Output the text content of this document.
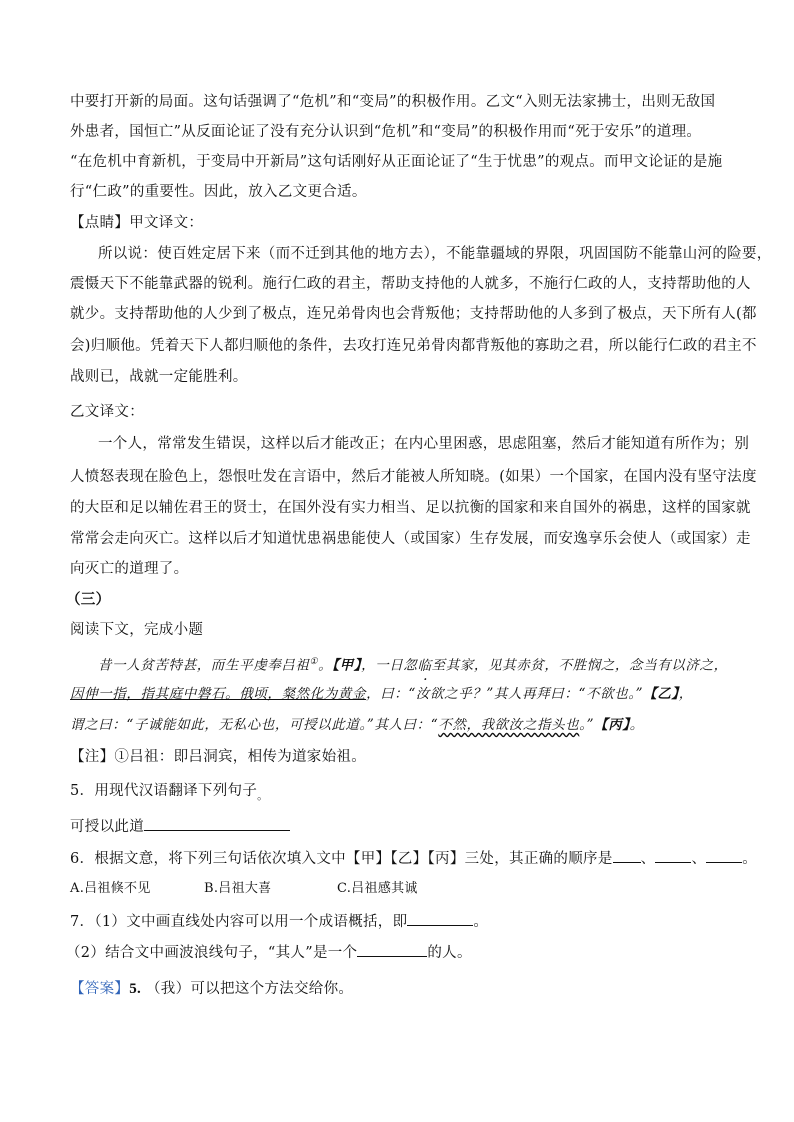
中要打开新的局面。这句话强调了“危机”和“变局”的积极作用。乙文“入则无法家拂士，出则无敌国
外患者，国恒亡”从反面论证了没有充分认识到“危机”和“变局”的积极作用而“死于安乐”的道理。
“在危机中育新机，于变局中开新局”这句话刚好从正面论证了“生于忧患”的观点。而甲文论证的是施
行“仁政”的重要性。因此，放入乙文更合适。
【点睛】甲文译文：
所以说：使百姓定居下来（而不迁到其他的地方去），不能靠疆域的界限，巩固国防不能靠山河的险要，
震慑天下不能靠武器的锐利。施行仁政的君主，帮助支持他的人就多，不施行仁政的人，支持帮助他的人
就少。支持帮助他的人少到了极点，连兄弟骨肉也会背叛他；支持帮助他的人多到了极点，天下所有人(都
会)归顺他。凭着天下人都归顺他的条件，去攻打连兄弟骨肉都背叛他的寡助之君，所以能行仁政的君主不
战则已，战就一定能胜利。
乙文译文：
一个人，常常发生错误，这样以后才能改正；在内心里困惑，思虑阻塞，然后才能知道有所作为；别
人愤怒表现在脸色上，怨恨吐发在言语中，然后才能被人所知晓。(如果）一个国家，在国内没有坚守法度
的大臣和足以辅佐君王的贤士，在国外没有实力相当、足以抗衡的国家和来自国外的祸患，这样的国家就
常常会走向灭亡。这样以后才知道忧患祸患能使人（或国家）生存发展，而安逸享乐会使人（或国家）走
向灭亡的道理了。
（三）
阅读下文，完成小题
昔一人贫苦特甚，而生平虔奉吕祖①。【甲】，一日忽临至其家，见其赤贫，不胜悯之，念当有以济之，
因伸一指，指其庭中磐石。俄顷，粲然化为黄金，曰：“汝欲之乎？”其人再拜曰：“不欲也。”【乙】，
谓之曰：“子诚能如此，无私心也，可授以此道。”其人曰：“不然，我欲汝之指头也。”【丙】。
【注】①吕祖：即吕洞宾，相传为道家始祖。
5．用现代汉语翻译下列句子$_。$
可授以此道
6．根据文意，将下列三句话依次填入文中【甲】【乙】【丙】三处，其正确的顺序是 、 、 。
A.吕祖倏不见	B.吕祖大喜	C.吕祖感其诚
7．（1）文中画直线处内容可以用一个成语概括，即	。
（2）结合文中画波浪线句子，“其人”是一个	的人。
【答案】5. （我）可以把这个方法交给你。
